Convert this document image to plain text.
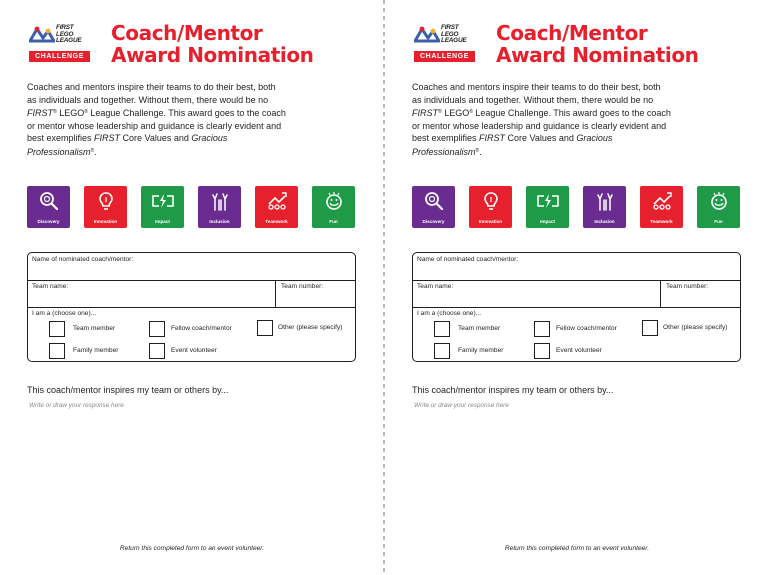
FIRST
LEGO
LEAGUE
CHALLENGE
Coach/Mentor
Award Nomination
Coaches and mentors inspire their teams to do their best, both as individuals and together. Without them, there would be no FIRST® LEGO® League Challenge. This award goes to the coach or mentor whose leadership and guidance is clearly evident and best exemplifies FIRST Core Values and Gracious Professionalism®.
Discovery	Innovation	Impact	Inclusion	Teamwork	Fun
Name of nominated coach/mentor:
Team name:	Team number:
I am a (choose one)...
Team member	Fellow coach/mentor	Other (please specify)
Family member	Event volunteer
This coach/mentor inspires my team or others by...
Write or draw your response here
Return this completed form to an event volunteer.
FIRST
LEGO
LEAGUE
CHALLENGE
Coach/Mentor
Award Nomination
Coaches and mentors inspire their teams to do their best, both as individuals and together. Without them, there would be no FIRST® LEGO® League Challenge. This award goes to the coach or mentor whose leadership and guidance is clearly evident and best exemplifies FIRST Core Values and Gracious Professionalism®.
Discovery	Innovation	Impact	Inclusion	Teamwork	Fun
Name of nominated coach/mentor:
Team name:	Team number:
I am a (choose one)...
Team member	Fellow coach/mentor	Other (please specify)
Family member	Event volunteer
This coach/mentor inspires my team or others by...
Write or draw your response here
Return this completed form to an event volunteer.
